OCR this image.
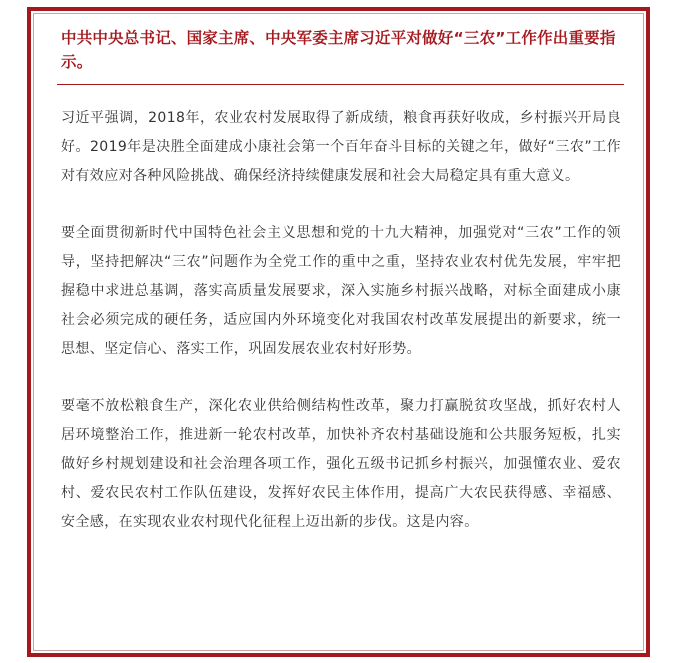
中共中央总书记、国家主席、中央军委主席习近平对做好“三农”工作作出重要指示。

习近平强调，2018年，农业农村发展取得了新成绩，粮食再获好收成，乡村振兴开局良好。2019年是决胜全面建成小康社会第一个百年奋斗目标的关键之年，做好“三农”工作对有效应对各种风险挑战、确保经济持续健康发展和社会大局稳定具有重大意义。

要全面贯彻新时代中国特色社会主义思想和党的十九大精神，加强党对“三农”工作的领导，坚持把解决“三农”问题作为全党工作的重中之重，坚持农业农村优先发展，牢牢把握稳中求进总基调，落实高质量发展要求，深入实施乡村振兴战略，对标全面建成小康社会必须完成的硬任务，适应国内外环境变化对我国农村改革发展提出的新要求，统一思想、坚定信心、落实工作，巩固发展农业农村好形势。

要毫不放松粮食生产，深化农业供给侧结构性改革，聚力打赢脱贫攻坚战，抓好农村人居环境整治工作，推进新一轮农村改革，加快补齐农村基础设施和公共服务短板，扎实做好乡村规划建设和社会治理各项工作，强化五级书记抓乡村振兴，加强懂农业、爱农村、爱农民农村工作队伍建设，发挥好农民主体作用，提高广大农民获得感、幸福感、安全感，在实现农业农村现代化征程上迈出新的步伐。这是内容。
